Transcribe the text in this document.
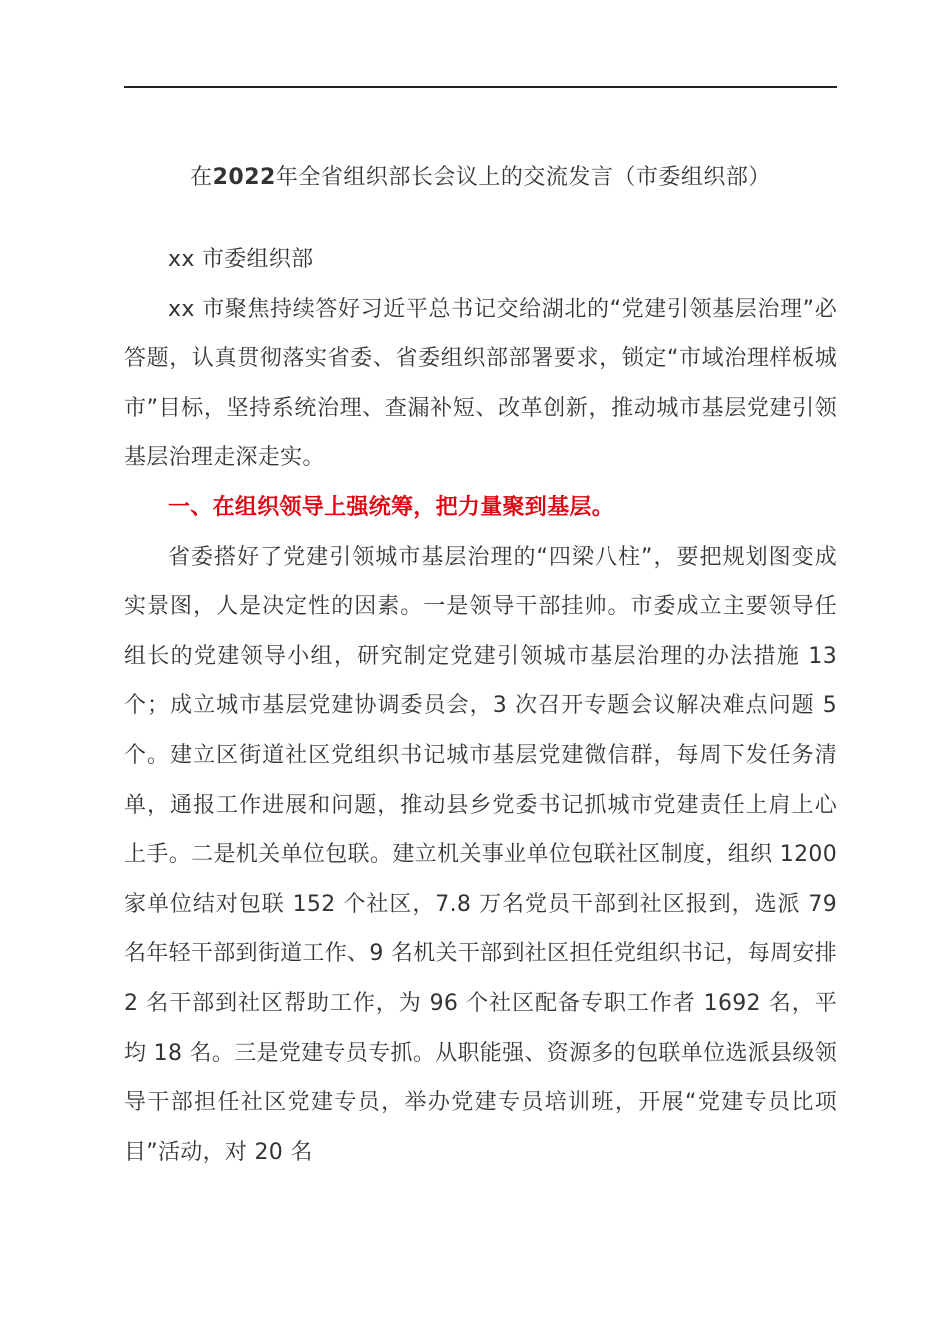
在2022年全省组织部长会议上的交流发言（市委组织部）

xx 市委组织部

xx 市聚焦持续答好习近平总书记交给湖北的“党建引领基层治理”必答题，认真贯彻落实省委、省委组织部部署要求，锁定“市域治理样板城市”目标，坚持系统治理、查漏补短、改革创新，推动城市基层党建引领基层治理走深走实。

一、在组织领导上强统筹，把力量聚到基层。

省委搭好了党建引领城市基层治理的“四梁八柱”，要把规划图变成实景图，人是决定性的因素。一是领导干部挂帅。市委成立主要领导任组长的党建领导小组，研究制定党建引领城市基层治理的办法措施 13 个；成立城市基层党建协调委员会，3 次召开专题会议解决难点问题 5 个。建立区街道社区党组织书记城市基层党建微信群，每周下发任务清单，通报工作进展和问题，推动县乡党委书记抓城市党建责任上肩上心上手。二是机关单位包联。建立机关事业单位包联社区制度，组织 1200 家单位结对包联 152 个社区，7.8 万名党员干部到社区报到，选派 79 名年轻干部到街道工作、9 名机关干部到社区担任党组织书记，每周安排 2 名干部到社区帮助工作，为 96 个社区配备专职工作者 1692 名，平均 18 名。三是党建专员专抓。从职能强、资源多的包联单位选派县级领导干部担任社区党建专员，举办党建专员培训班，开展“党建专员比项目”活动，对 20 名
